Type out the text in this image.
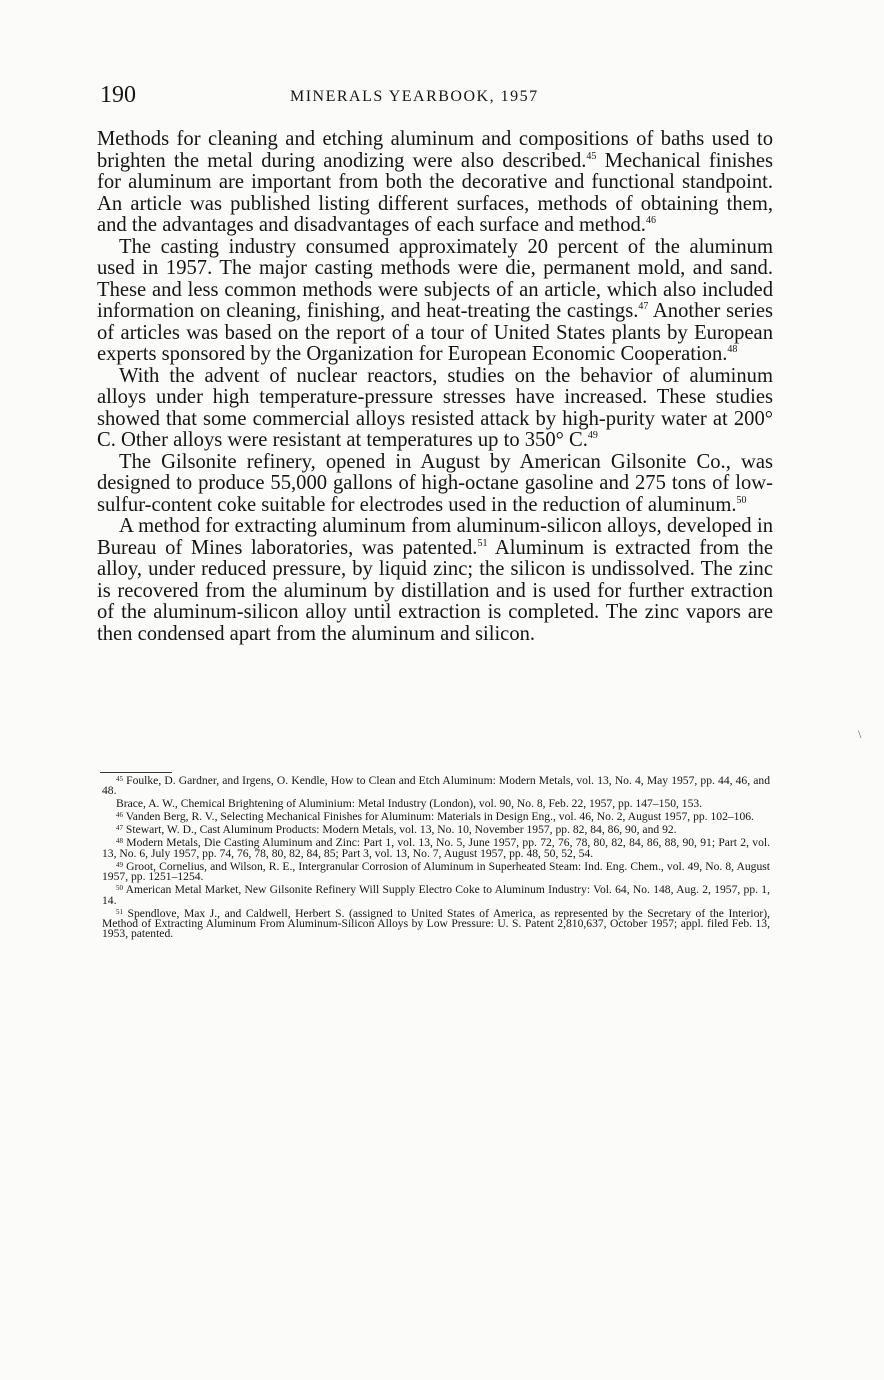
190	MINERALS YEARBOOK, 1957

Methods for cleaning and etching aluminum and compositions of baths used to brighten the metal during anodizing were also described.$^{45}$ Mechanical finishes for aluminum are important from both the decorative and functional standpoint. An article was published listing different surfaces, methods of obtaining them, and the advantages and disadvantages of each surface and method.$^{46}$

The casting industry consumed approximately 20 percent of the aluminum used in 1957. The major casting methods were die, permanent mold, and sand. These and less common methods were subjects of an article, which also included information on cleaning, finishing, and heat-treating the castings.$^{47}$ Another series of articles was based on the report of a tour of United States plants by European experts sponsored by the Organization for European Economic Cooperation.$^{48}$

With the advent of nuclear reactors, studies on the behavior of aluminum alloys under high temperature-pressure stresses have increased. These studies showed that some commercial alloys resisted attack by high-purity water at 200° C. Other alloys were resistant at temperatures up to 350° C.$^{49}$

The Gilsonite refinery, opened in August by American Gilsonite Co., was designed to produce 55,000 gallons of high-octane gasoline and 275 tons of low-sulfur-content coke suitable for electrodes used in the reduction of aluminum.$^{50}$

A method for extracting aluminum from aluminum-silicon alloys, developed in Bureau of Mines laboratories, was patented.$^{51}$ Aluminum is extracted from the alloy, under reduced pressure, by liquid zinc; the silicon is undissolved. The zinc is recovered from the aluminum by distillation and is used for further extraction of the aluminum-silicon alloy until extraction is completed. The zinc vapors are then condensed apart from the aluminum and silicon.

$^{45}$ Foulke, D. Gardner, and Irgens, O. Kendle, How to Clean and Etch Aluminum: Modern Metals, vol. 13, No. 4, May 1957, pp. 44, 46, and 48.

Brace, A. W., Chemical Brightening of Aluminium: Metal Industry (London), vol. 90, No. 8, Feb. 22, 1957, pp. 147–150, 153.

$^{46}$ Vanden Berg, R. V., Selecting Mechanical Finishes for Aluminum: Materials in Design Eng., vol. 46, No. 2, August 1957, pp. 102–106.

$^{47}$ Stewart, W. D., Cast Aluminum Products: Modern Metals, vol. 13, No. 10, November 1957, pp. 82, 84, 86, 90, and 92.

$^{48}$ Modern Metals, Die Casting Aluminum and Zinc: Part 1, vol. 13, No. 5, June 1957, pp. 72, 76, 78, 80, 82, 84, 86, 88, 90, 91; Part 2, vol. 13, No. 6, July 1957, pp. 74, 76, 78, 80, 82, 84, 85; Part 3, vol. 13, No. 7, August 1957, pp. 48, 50, 52, 54.

$^{49}$ Groot, Cornelius, and Wilson, R. E., Intergranular Corrosion of Aluminum in Superheated Steam: Ind. Eng. Chem., vol. 49, No. 8, August 1957, pp. 1251–1254.

$^{50}$ American Metal Market, New Gilsonite Refinery Will Supply Electro Coke to Aluminum Industry: Vol. 64, No. 148, Aug. 2, 1957, pp. 1, 14.

$^{51}$ Spendlove, Max J., and Caldwell, Herbert S. (assigned to United States of America, as represented by the Secretary of the Interior), Method of Extracting Aluminum From Aluminum-Silicon Alloys by Low Pressure: U. S. Patent 2,810,637, October 1957; appl. filed Feb. 13, 1953, patented.

\
